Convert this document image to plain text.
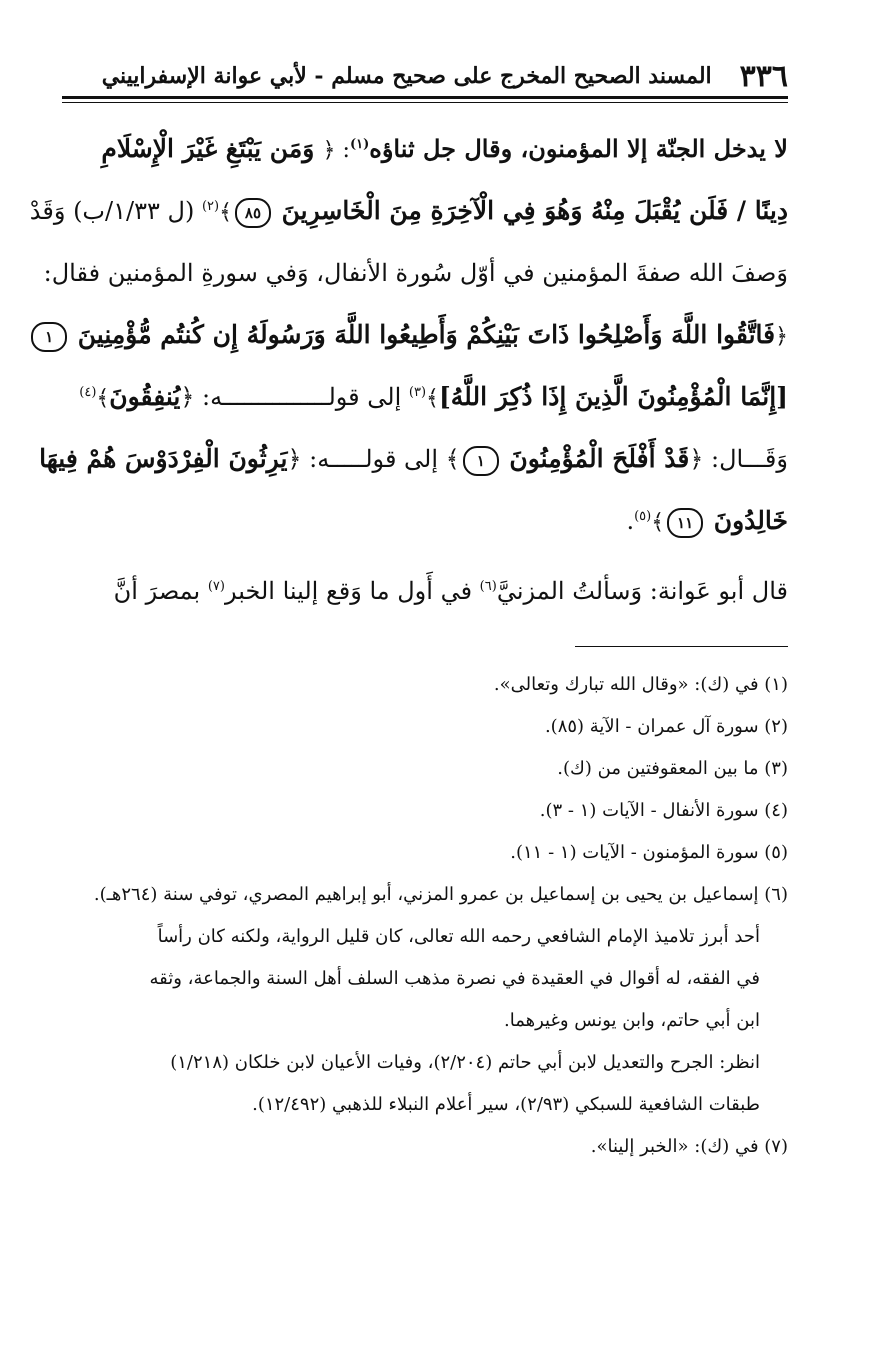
٣٣٦
المسند الصحيح المخرج على صحيح مسلم - لأبي عوانة الإسفراييني
لا يدخل الجنّة إلا المؤمنون، وقال جل ثناؤه$^{(١)}$: ﴿ وَمَن يَبْتَغِ غَيْرَ الْإِسْلَامِ
دِينًا / فَلَن يُقْبَلَ مِنْهُ وَهُوَ فِي الْآخِرَةِ مِنَ الْخَاسِرِينَ ٨٥﴾$^{(٢)}$ (ل ١/٣٣/ب) وَقَدْ
وَصفَ الله صفةَ المؤمنين في أوّل سُورة الأنفال، وَفي سورةِ المؤمنين فقال:
﴿فَاتَّقُوا اللَّهَ وَأَصْلِحُوا ذَاتَ بَيْنِكُمْ وَأَطِيعُوا اللَّهَ وَرَسُولَهُ إِن كُنتُم مُّؤْمِنِينَ ١
[إِنَّمَا الْمُؤْمِنُونَ الَّذِينَ إِذَا ذُكِرَ اللَّهُ]﴾$^{(٣)}$ إلى قولـــــــــــــــه: ﴿يُنفِقُونَ﴾$^{(٤)}$
وَقَـــال: ﴿قَدْ أَفْلَحَ الْمُؤْمِنُونَ ١﴾ إلى قولـــــه: ﴿يَرِثُونَ الْفِرْدَوْسَ هُمْ فِيهَا
خَالِدُونَ ١١﴾$^{(٥)}$.
قال أبو عَوانة: وَسألتُ المزنيَّ$^{(٦)}$ في أَول ما وَقع إلينا الخبر$^{(٧)}$ بمصرَ أنَّ
(١) في (ك): «وقال الله تبارك وتعالى».
(٢) سورة آل عمران - الآية (٨٥).
(٣) ما بين المعقوفتين من (ك).
(٤) سورة الأنفال - الآيات (١ - ٣).
(٥) سورة المؤمنون - الآيات (١ - ١١).
(٦) إسماعيل بن يحيى بن إسماعيل بن عمرو المزني، أبو إبراهيم المصري، توفي سنة (٢٦٤هـ).
أحد أبرز تلاميذ الإمام الشافعي رحمه الله تعالى، كان قليل الرواية، ولكنه كان رأساً
في الفقه، له أقوال في العقيدة في نصرة مذهب السلف أهل السنة والجماعة، وثقه
ابن أبي حاتم، وابن يونس وغيرهما.
انظر: الجرح والتعديل لابن أبي حاتم (٢/٢٠٤)، وفيات الأعيان لابن خلكان (١/٢١٨)
طبقات الشافعية للسبكي (٢/٩٣)، سير أعلام النبلاء للذهبي (١٢/٤٩٢).
(٧) في (ك): «الخبر إلينا».
